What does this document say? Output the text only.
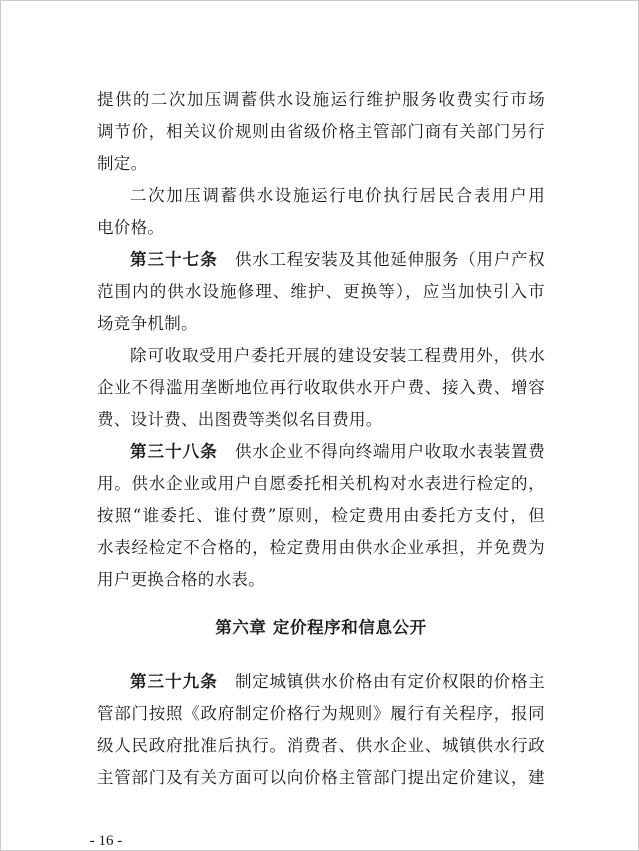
提供的二次加压调蓄供水设施运行维护服务收费实行市场
调节价，相关议价规则由省级价格主管部门商有关部门另行
制定。
二次加压调蓄供水设施运行电价执行居民合表用户用
电价格。
第三十七条　 供水工程安装及其他延伸服务（用户产权
范围内的供水设施修理、维护、更换等），应当加快引入市
场竞争机制。
除可收取受用户委托开展的建设安装工程费用外，供水
企业不得滥用垄断地位再行收取供水开户费、接入费、增容
费、设计费、出图费等类似名目费用。
第三十八条　 供水企业不得向终端用户收取水表装置费
用。供水企业或用户自愿委托相关机构对水表进行检定的，
按照“谁委托、谁付费”原则，检定费用由委托方支付，但
水表经检定不合格的，检定费用由供水企业承担，并免费为
用户更换合格的水表。
第六章 定价程序和信息公开
第三十九条　 制定城镇供水价格由有定价权限的价格主
管部门按照《政府制定价格行为规则》履行有关程序，报同
级人民政府批准后执行。消费者、供水企业、城镇供水行政
主管部门及有关方面可以向价格主管部门提出定价建议，建
- 16 -
